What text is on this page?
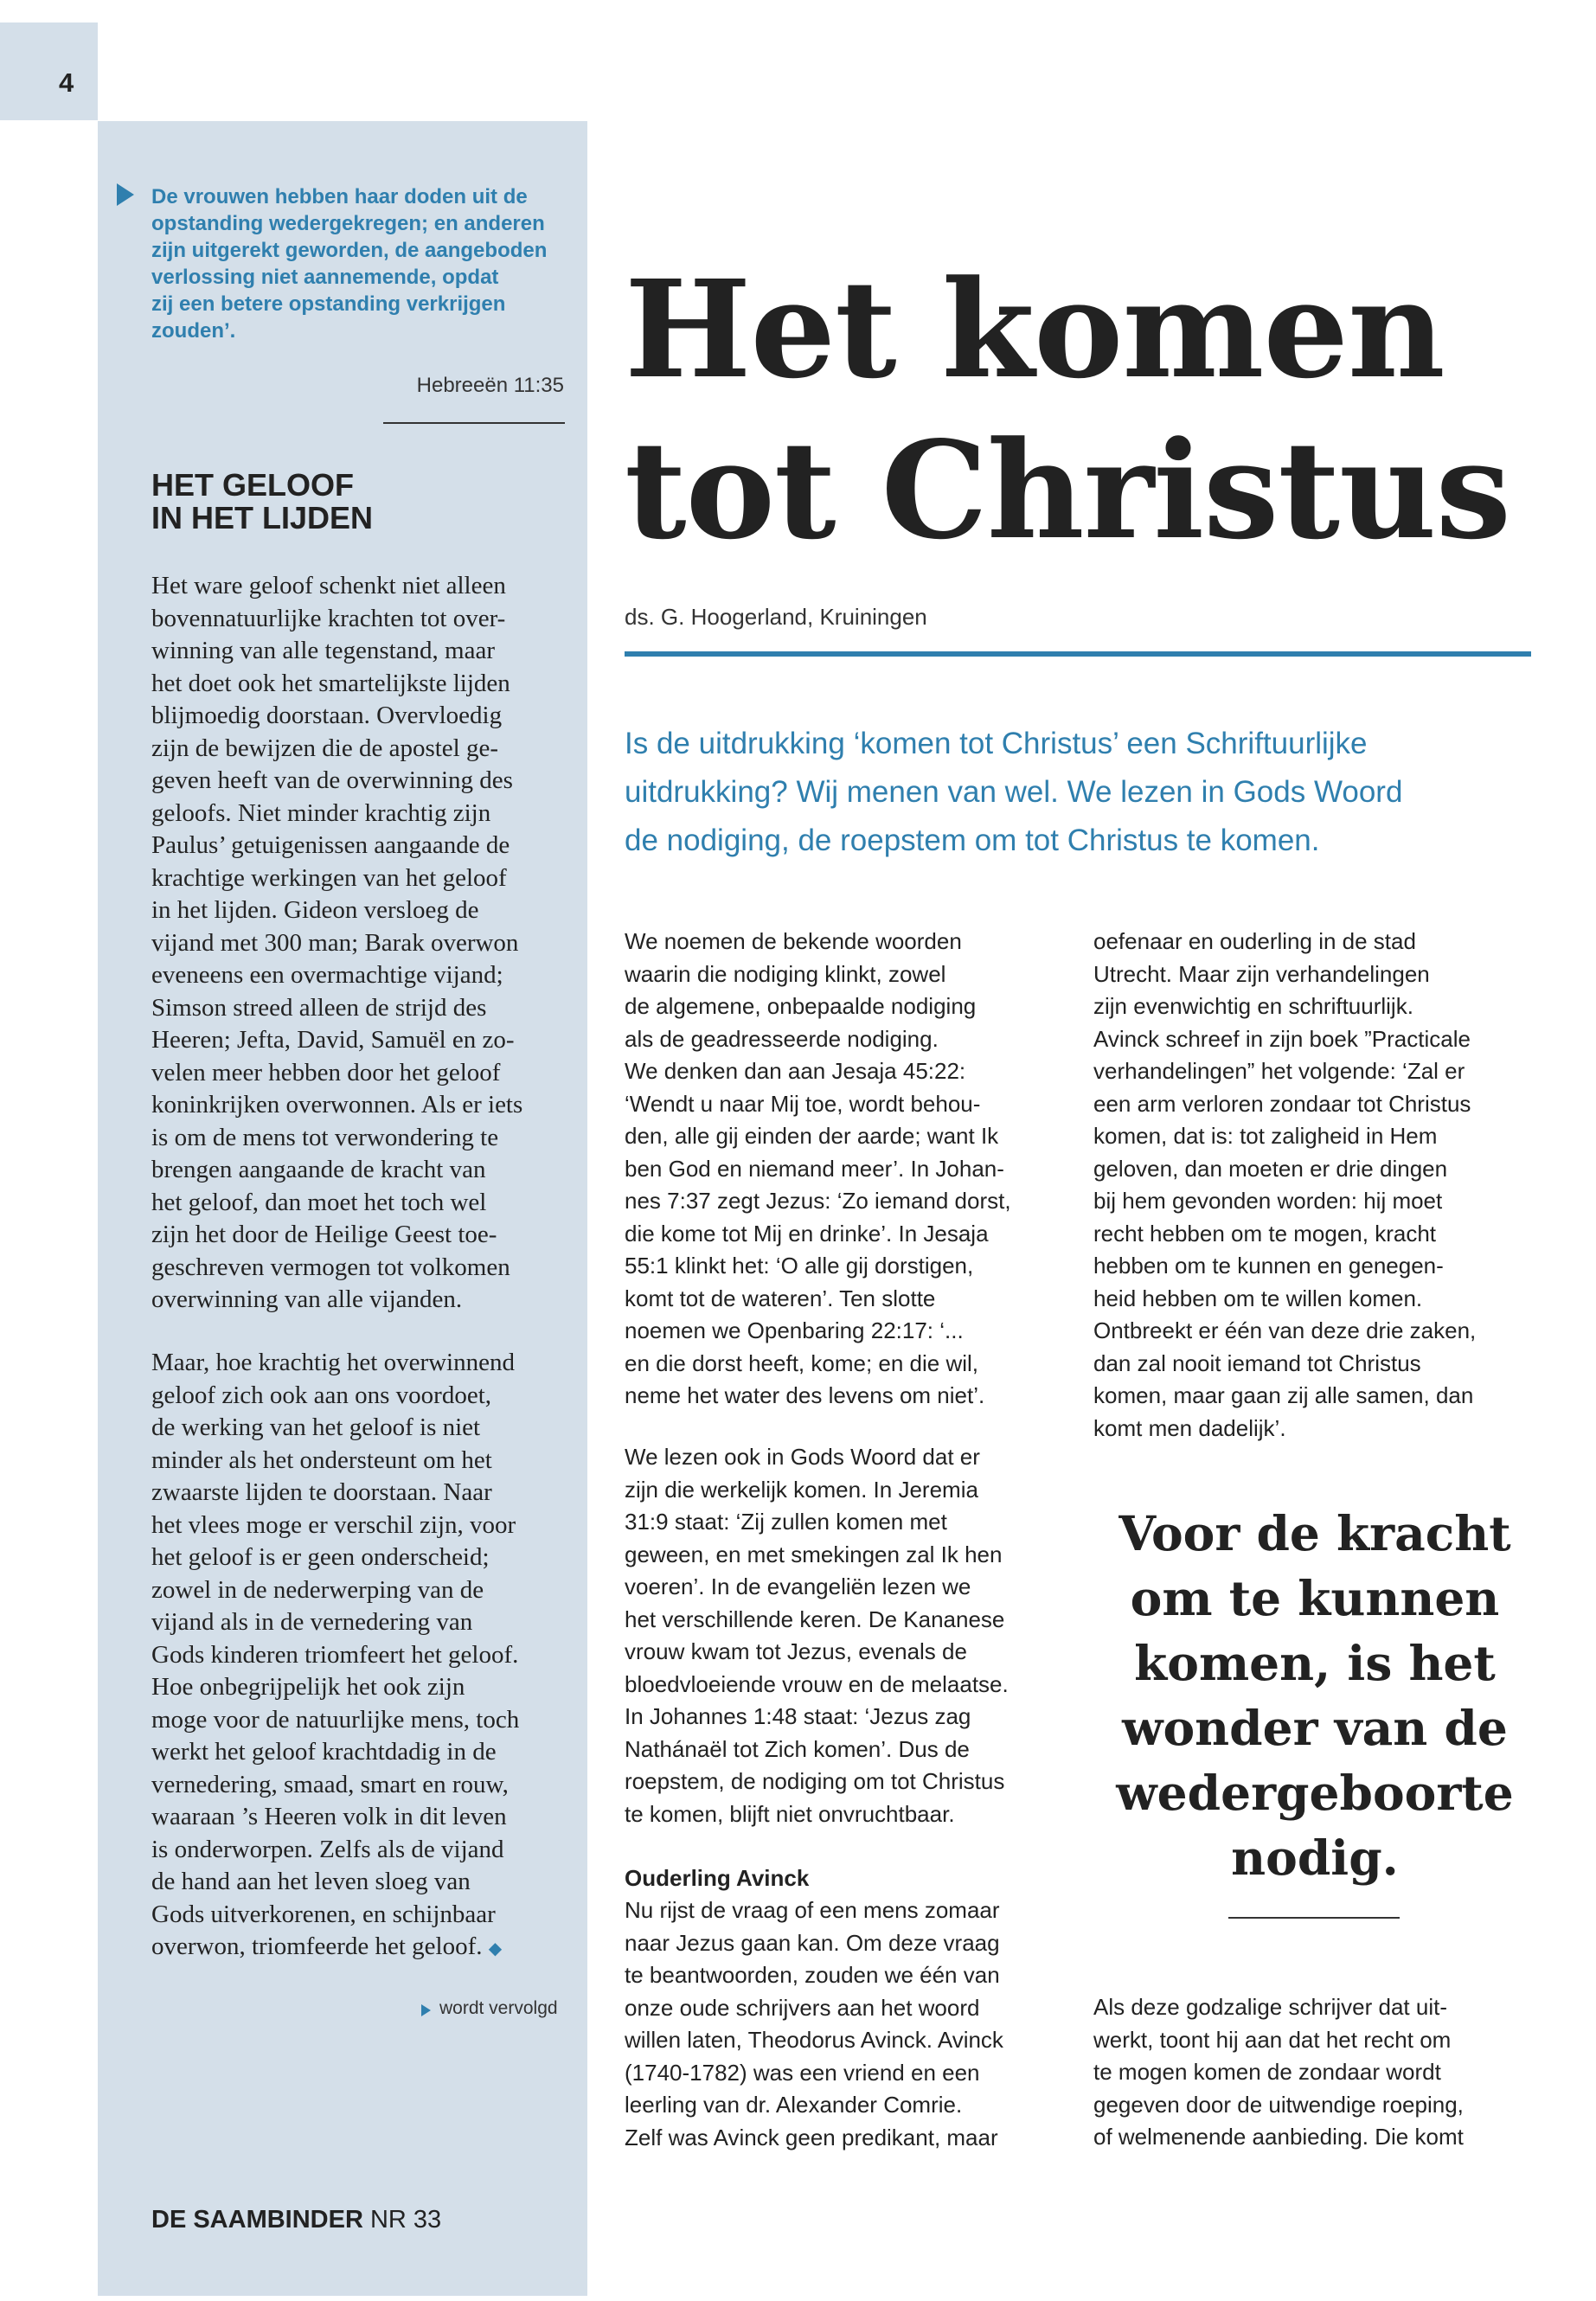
4
De vrouwen hebben haar doden uit de
opstanding wedergekregen; en anderen
zijn uitgerekt geworden, de aangeboden
verlossing niet aannemende, opdat
zij een betere opstanding verkrijgen
zouden’.
Hebreeën 11:35
HET GELOOF
IN HET LIJDEN
Het ware geloof schenkt niet alleen
bovennatuurlijke krachten tot over-
winning van alle tegenstand, maar
het doet ook het smartelijkste lijden
blijmoedig doorstaan. Overvloedig
zijn de bewijzen die de apostel ge-
geven heeft van de overwinning des
geloofs. Niet minder krachtig zijn
Paulus’ getuigenissen aangaande de
krachtige werkingen van het geloof
in het lijden. Gideon versloeg de
vijand met 300 man; Barak overwon
eveneens een overmachtige vijand;
Simson streed alleen de strijd des
Heeren; Jefta, David, Samuël en zo-
velen meer hebben door het geloof
koninkrijken overwonnen. Als er iets
is om de mens tot verwondering te
brengen aangaande de kracht van
het geloof, dan moet het toch wel
zijn het door de Heilige Geest toe-
geschreven vermogen tot volkomen
overwinning van alle vijanden.
Maar, hoe krachtig het overwinnend
geloof zich ook aan ons voordoet,
de werking van het geloof is niet
minder als het ondersteunt om het
zwaarste lijden te doorstaan. Naar
het vlees moge er verschil zijn, voor
het geloof is er geen onderscheid;
zowel in de nederwerping van de
vijand als in de vernedering van
Gods kinderen triomfeert het geloof.
Hoe onbegrijpelijk het ook zijn
moge voor de natuurlijke mens, toch
werkt het geloof krachtdadig in de
vernedering, smaad, smart en rouw,
waaraan ’s Heeren volk in dit leven
is onderworpen. Zelfs als de vijand
de hand aan het leven sloeg van
Gods uitverkorenen, en schijnbaar
overwon, triomfeerde het geloof. ◆
wordt vervolgd
DE SAAMBINDER NR 33
Het komen
tot Christus
ds. G. Hoogerland, Kruiningen
Is de uitdrukking ‘komen tot Christus’ een Schriftuurlijke
uitdrukking? Wij menen van wel. We lezen in Gods Woord
de nodiging, de roepstem om tot Christus te komen.
We noemen de bekende woorden
waarin die nodiging klinkt, zowel
de algemene, onbepaalde nodiging
als de geadresseerde nodiging.
We denken dan aan Jesaja 45:22:
‘Wendt u naar Mij toe, wordt behou-
den, alle gij einden der aarde; want Ik
ben God en niemand meer’. In Johan-
nes 7:37 zegt Jezus: ‘Zo iemand dorst,
die kome tot Mij en drinke’. In Jesaja
55:1 klinkt het: ‘O alle gij dorstigen,
komt tot de wateren’. Ten slotte
noemen we Openbaring 22:17: ‘...
en die dorst heeft, kome; en die wil,
neme het water des levens om niet’.
We lezen ook in Gods Woord dat er
zijn die werkelijk komen. In Jeremia
31:9 staat: ‘Zij zullen komen met
geween, en met smekingen zal Ik hen
voeren’. In de evangeliën lezen we
het verschillende keren. De Kananese
vrouw kwam tot Jezus, evenals de
bloedvloeiende vrouw en de melaatse.
In Johannes 1:48 staat: ‘Jezus zag
Nathánaël tot Zich komen’. Dus de
roepstem, de nodiging om tot Christus
te komen, blijft niet onvruchtbaar.
Ouderling Avinck
Nu rijst de vraag of een mens zomaar
naar Jezus gaan kan. Om deze vraag
te beantwoorden, zouden we één van
onze oude schrijvers aan het woord
willen laten, Theodorus Avinck. Avinck
(1740-1782) was een vriend en een
leerling van dr. Alexander Comrie.
Zelf was Avinck geen predikant, maar
oefenaar en ouderling in de stad
Utrecht. Maar zijn verhandelingen
zijn evenwichtig en schriftuurlijk.
Avinck schreef in zijn boek ”Practicale
verhandelingen” het volgende: ‘Zal er
een arm verloren zondaar tot Christus
komen, dat is: tot zaligheid in Hem
geloven, dan moeten er drie dingen
bij hem gevonden worden: hij moet
recht hebben om te mogen, kracht
hebben om te kunnen en genegen-
heid hebben om te willen komen.
Ontbreekt er één van deze drie zaken,
dan zal nooit iemand tot Christus
komen, maar gaan zij alle samen, dan
komt men dadelijk’.
Voor de kracht
om te kunnen
komen, is het
wonder van de
wedergeboorte
nodig.
Als deze godzalige schrijver dat uit-
werkt, toont hij aan dat het recht om
te mogen komen de zondaar wordt
gegeven door de uitwendige roeping,
of welmenende aanbieding. Die komt
